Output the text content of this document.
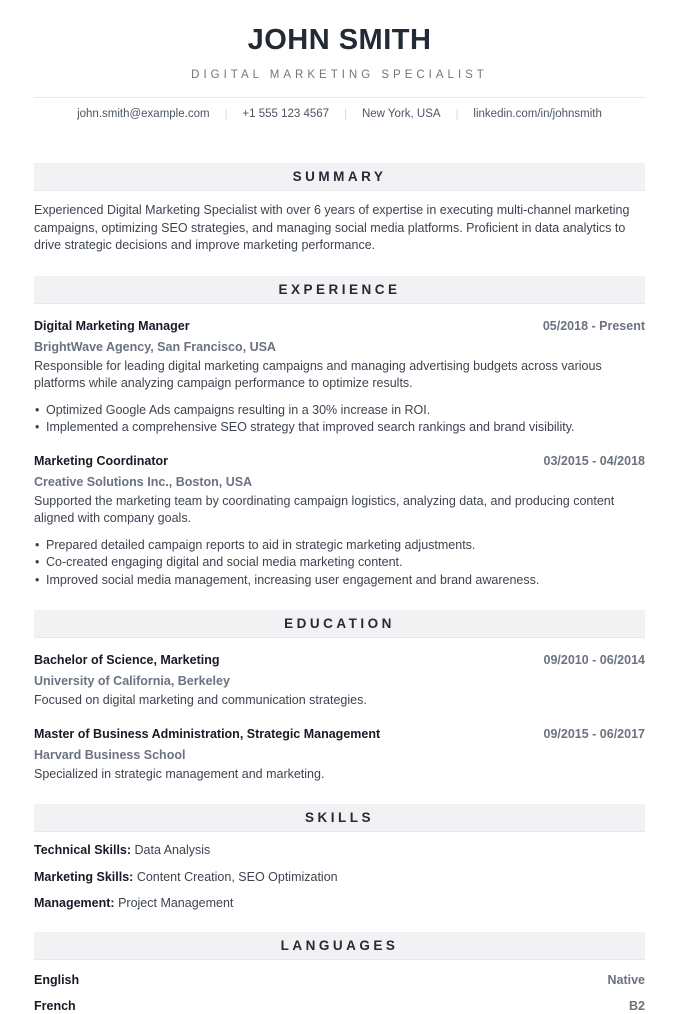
JOHN SMITH
DIGITAL MARKETING SPECIALIST
john.smith@example.com	|	+1 555 123 4567	|	New York, USA	|	linkedin.com/in/johnsmith
SUMMARY

Experienced Digital Marketing Specialist with over 6 years of expertise in executing multi-channel marketing campaigns, optimizing SEO strategies, and managing social media platforms. Proficient in data analytics to drive strategic decisions and improve marketing performance.

EXPERIENCE
Digital Marketing Manager	05/2018 - Present
BrightWave Agency, San Francisco, USA
Responsible for leading digital marketing campaigns and managing advertising budgets across various platforms while analyzing campaign performance to optimize results.
• Optimized Google Ads campaigns resulting in a 30% increase in ROI.
• Implemented a comprehensive SEO strategy that improved search rankings and brand visibility.
Marketing Coordinator	03/2015 - 04/2018
Creative Solutions Inc., Boston, USA
Supported the marketing team by coordinating campaign logistics, analyzing data, and producing content aligned with company goals.
• Prepared detailed campaign reports to aid in strategic marketing adjustments.
• Co-created engaging digital and social media marketing content.
• Improved social media management, increasing user engagement and brand awareness.
EDUCATION
Bachelor of Science, Marketing	09/2010 - 06/2014
University of California, Berkeley
Focused on digital marketing and communication strategies.
Master of Business Administration, Strategic Management	09/2015 - 06/2017
Harvard Business School
Specialized in strategic management and marketing.
SKILLS
Technical Skills: Data Analysis
Marketing Skills: Content Creation, SEO Optimization
Management: Project Management
LANGUAGES
English	Native
French	B2
